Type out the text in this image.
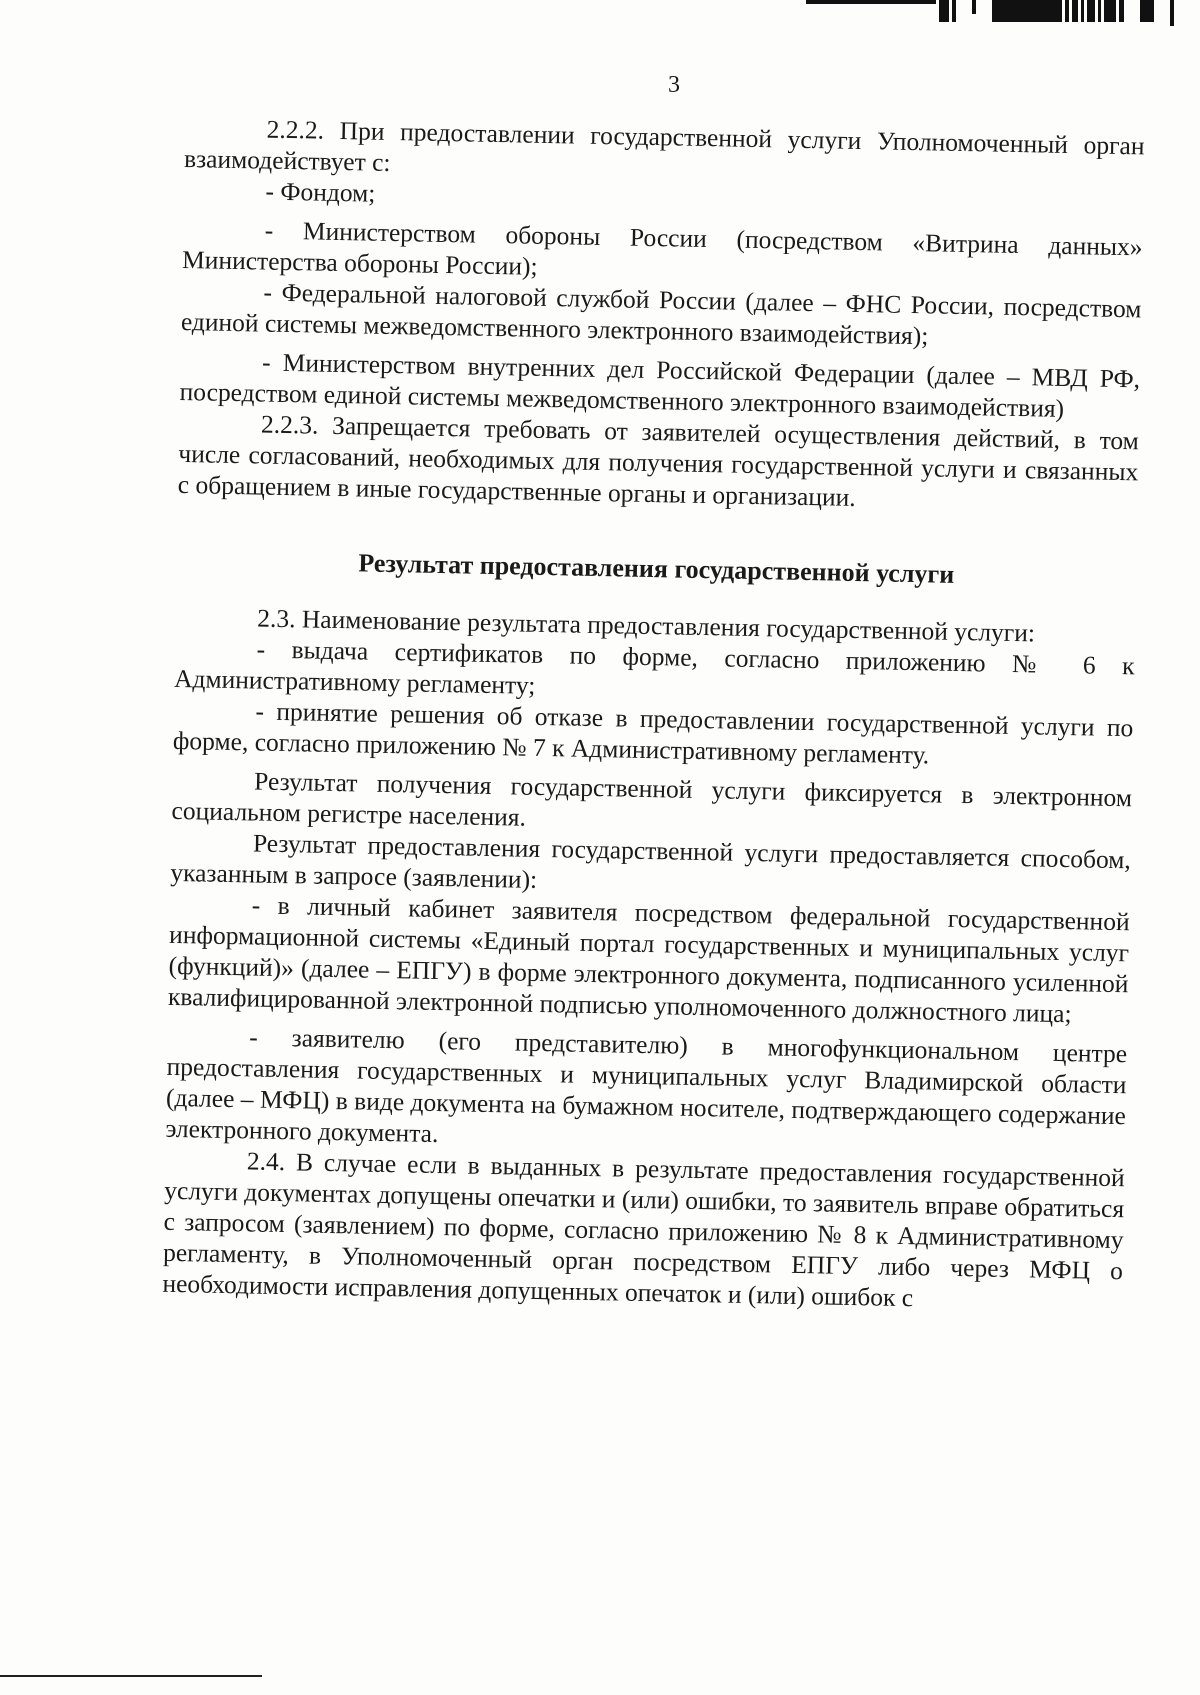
3

2.2.2. При предоставлении государственной услуги Уполномоченный орган взаимодействует с:

- Фондом;

- Министерством обороны России (посредством «Витрина данных» Министерства обороны России);

- Федеральной налоговой службой России (далее – ФНС России, посредством единой системы межведомственного электронного взаимодействия);

- Министерством внутренних дел Российской Федерации (далее – МВД РФ, посредством единой системы межведомственного электронного взаимодействия)

2.2.3. Запрещается требовать от заявителей осуществления действий, в том числе согласований, необходимых для получения государственной услуги и связанных с обращением в иные государственные органы и организации.

Результат предоставления государственной услуги

2.3. Наименование результата предоставления государственной услуги:

- выдача сертификатов по форме, согласно приложению № 6 к Административному регламенту;

- принятие решения об отказе в предоставлении государственной услуги по форме, согласно приложению № 7 к Административному регламенту.

Результат получения государственной услуги фиксируется в электронном социальном регистре населения.

Результат предоставления государственной услуги предоставляется способом, указанным в запросе (заявлении):

- в личный кабинет заявителя посредством федеральной государственной информационной системы «Единый портал государственных и муниципальных услуг (функций)» (далее – ЕПГУ) в форме электронного документа, подписанного усиленной квалифицированной электронной подписью уполномоченного должностного лица;

- заявителю (его представителю) в многофункциональном центре предоставления государственных и муниципальных услуг Владимирской области (далее – МФЦ) в виде документа на бумажном носителе, подтверждающего содержание электронного документа.

2.4. В случае если в выданных в результате предоставления государственной услуги документах допущены опечатки и (или) ошибки, то заявитель вправе обратиться с запросом (заявлением) по форме, согласно приложению № 8 к Административному регламенту, в Уполномоченный орган посредством ЕПГУ либо через МФЦ о необходимости исправления допущенных опечаток и (или) ошибок с
